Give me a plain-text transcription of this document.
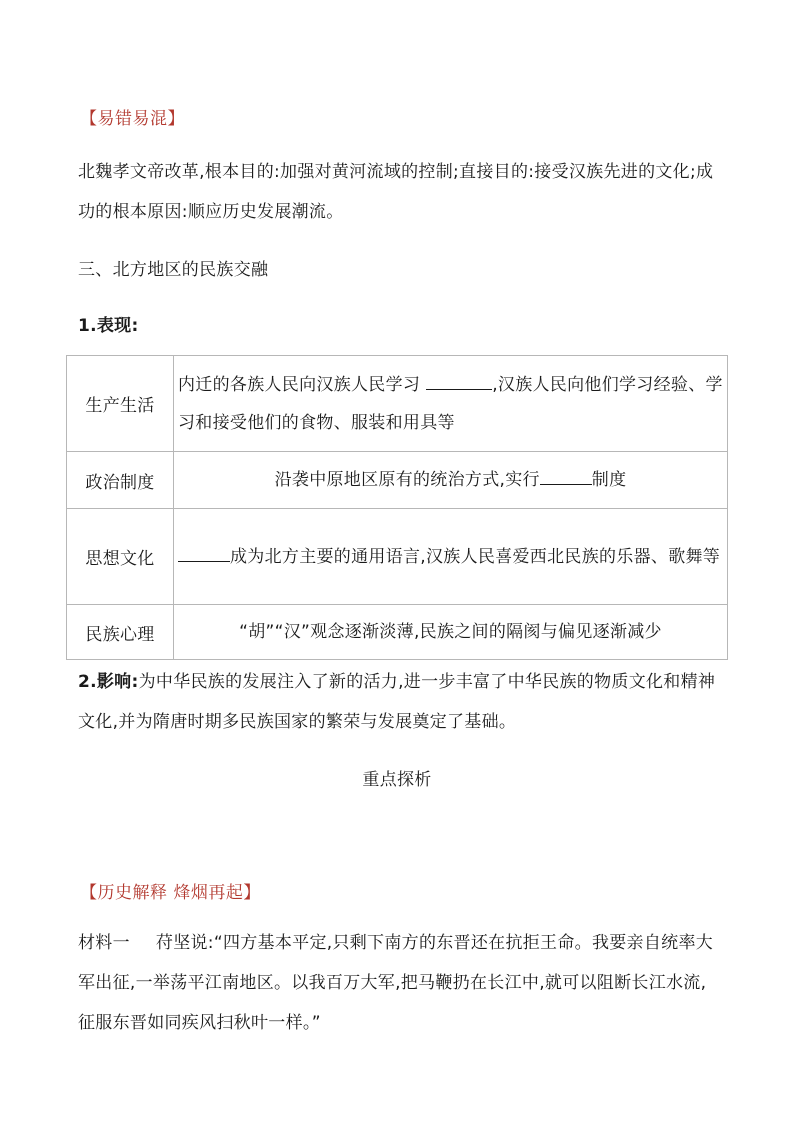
【易错易混】
北魏孝文帝改革,根本目的:加强对黄河流域的控制;直接目的:接受汉族先进的文化;成功的根本原因:顺应历史发展潮流。
三、北方地区的民族交融
1.表现:
生产生活	内迁的各族人民向汉族人民学习 ,汉族人民向他们学习经验、学习和接受他们的食物、服装和用具等
政治制度	沿袭中原地区原有的统治方式,实行 制度
思想文化	成为北方主要的通用语言,汉族人民喜爱西北民族的乐器、歌舞等
民族心理	“胡”“汉”观念逐渐淡薄,民族之间的隔阂与偏见逐渐减少
2.影响:为中华民族的发展注入了新的活力,进一步丰富了中华民族的物质文化和精神文化,并为隋唐时期多民族国家的繁荣与发展奠定了基础。
重点探析
【历史解释 烽烟再起】
材料一 苻坚说:“四方基本平定,只剩下南方的东晋还在抗拒王命。我要亲自统率大军出征,一举荡平江南地区。以我百万大军,把马鞭扔在长江中,就可以阻断长江水流,征服东晋如同疾风扫秋叶一样。”
